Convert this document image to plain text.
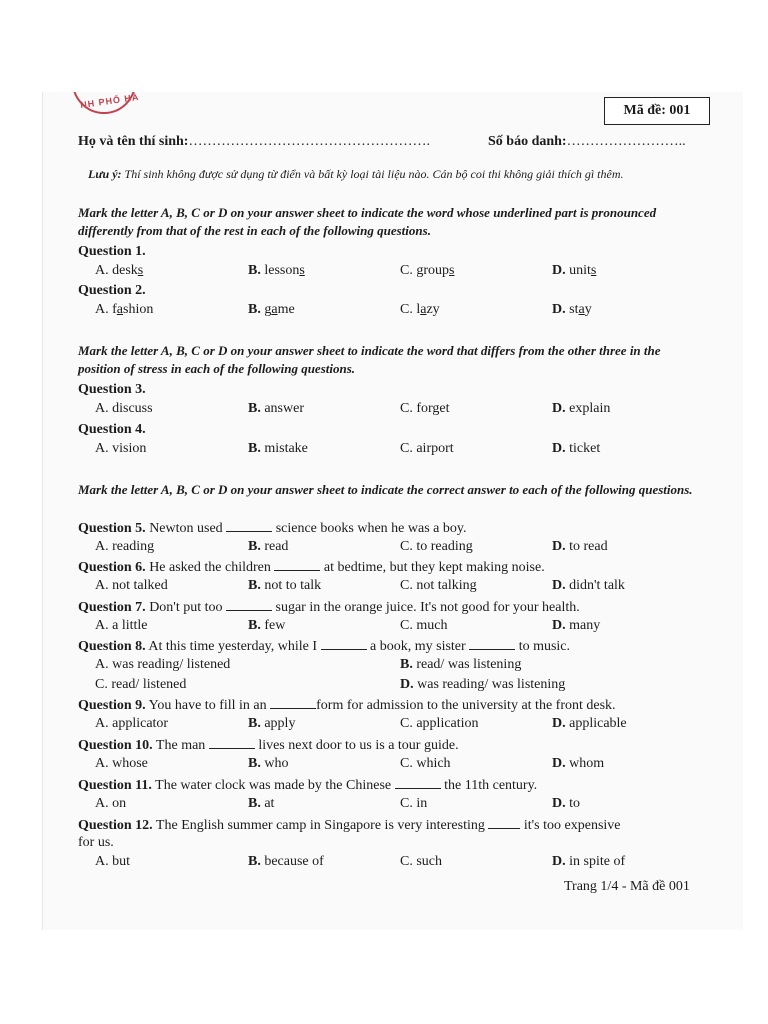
NH PHỐ HÀ
Mã đề: 001
Họ và tên thí sinh:…………………………………………….	Số báo danh:……………………..
Lưu ý: Thí sinh không được sử dụng từ điển và bất kỳ loại tài liệu nào. Cán bộ coi thi không giải thích gì thêm.
Mark the letter A, B, C or D on your answer sheet to indicate the word whose underlined part is pronounced differently from that of the rest in each of the following questions.
Question 1.
A. desks	B. lessons	C. groups	D. units
Question 2.
A. fashion	B. game	C. lazy	D. stay
Mark the letter A, B, C or D on your answer sheet to indicate the word that differs from the other three in the position of stress in each of the following questions.
Question 3.
A. discuss	B. answer	C. forget	D. explain
Question 4.
A. vision	B. mistake	C. airport	D. ticket
Mark the letter A, B, C or D on your answer sheet to indicate the correct answer to each of the following questions.
Question 5. Newton used	science books when he was a boy.
A. reading	B. read	C. to reading	D. to read
Question 6. He asked the children	at bedtime, but they kept making noise.
A. not talked	B. not to talk	C. not talking	D. didn't talk
Question 7. Don't put too	sugar in the orange juice. It's not good for your health.
A. a little	B. few	C. much	D. many
Question 8. At this time yesterday, while I	a book, my sister	to music.
A. was reading/ listened	B. read/ was listening
C. read/ listened	D. was reading/ was listening
Question 9. You have to fill in an	form for admission to the university at the front desk.
A. applicator	B. apply	C. application	D. applicable
Question 10. The man	lives next door to us is a tour guide.
A. whose	B. who	C. which	D. whom
Question 11. The water clock was made by the Chinese	the 11th century.
A. on	B. at	C. in	D. to
Question 12. The English summer camp in Singapore is very interesting  it's too expensive
for us.
A. but	B. because of	C. such	D. in spite of
Trang 1/4 - Mã đề 001
